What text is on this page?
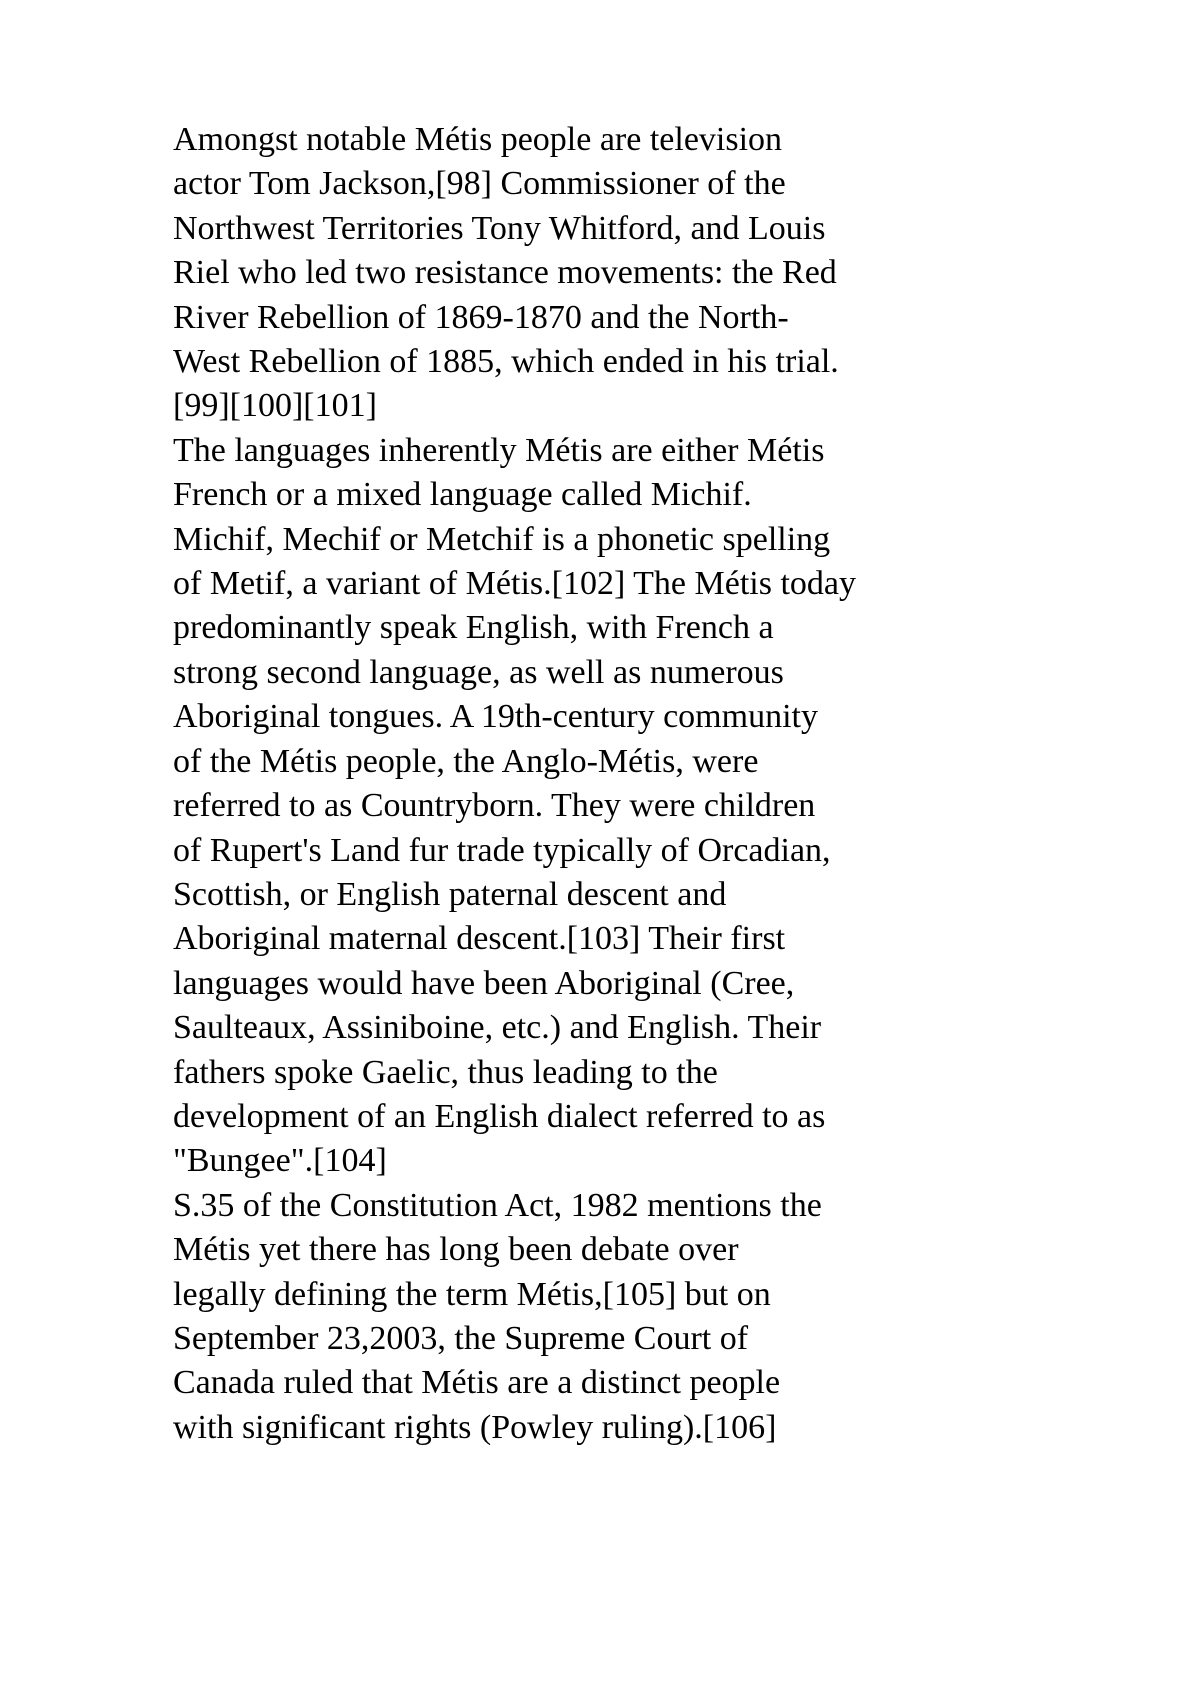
Amongst notable Métis people are television
actor Tom Jackson,[98] Commissioner of the
Northwest Territories Tony Whitford, and Louis
Riel who led two resistance movements: the Red
River Rebellion of 1869-1870 and the North-
West Rebellion of 1885, which ended in his trial.
[99][100][101]
The languages inherently Métis are either Métis
French or a mixed language called Michif.
Michif, Mechif or Metchif is a phonetic spelling
of Metif, a variant of Métis.[102] The Métis today
predominantly speak English, with French a
strong second language, as well as numerous
Aboriginal tongues. A 19th-century community
of the Métis people, the Anglo-Métis, were
referred to as Countryborn. They were children
of Rupert's Land fur trade typically of Orcadian,
Scottish, or English paternal descent and
Aboriginal maternal descent.[103] Their first
languages would have been Aboriginal (Cree,
Saulteaux, Assiniboine, etc.) and English. Their
fathers spoke Gaelic, thus leading to the
development of an English dialect referred to as
"Bungee".[104]
S.35 of the Constitution Act, 1982 mentions the
Métis yet there has long been debate over
legally defining the term Métis,[105] but on
September 23,2003, the Supreme Court of
Canada ruled that Métis are a distinct people
with significant rights (Powley ruling).[106]
